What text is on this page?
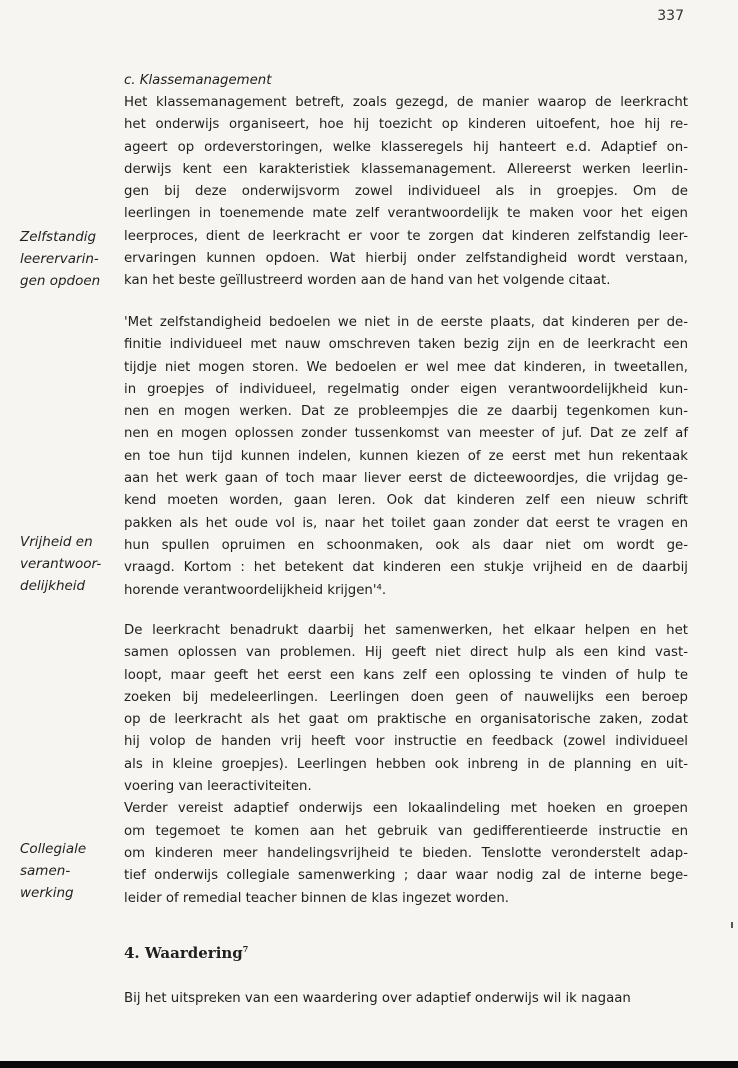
337

c. Klassemanagement

Het klassemanagement betreft, zoals gezegd, de manier waarop de leerkracht

het onderwijs organiseert, hoe hij toezicht op kinderen uitoefent, hoe hij re-

ageert op ordeverstoringen, welke klasseregels hij hanteert e.d. Adaptief on-

derwijs kent een karakteristiek klassemanagement. Allereerst werken leerlin-

gen bij deze onderwijsvorm zowel individueel als in groepjes. Om de

leerlingen in toenemende mate zelf verantwoordelijk te maken voor het eigen

leerproces, dient de leerkracht er voor te zorgen dat kinderen zelfstandig leer-

ervaringen kunnen opdoen. Wat hierbij onder zelfstandigheid wordt verstaan,

kan het beste geïllustreerd worden aan de hand van het volgende citaat.

Zelfstandig
leerervarin-
gen opdoen

'Met zelfstandigheid bedoelen we niet in de eerste plaats, dat kinderen per de-

finitie individueel met nauw omschreven taken bezig zijn en de leerkracht een

tijdje niet mogen storen. We bedoelen er wel mee dat kinderen, in tweetallen,

in groepjes of individueel, regelmatig onder eigen verantwoordelijkheid kun-

nen en mogen werken. Dat ze probleempjes die ze daarbij tegenkomen kun-

nen en mogen oplossen zonder tussenkomst van meester of juf. Dat ze zelf af

en toe hun tijd kunnen indelen, kunnen kiezen of ze eerst met hun rekentaak

aan het werk gaan of toch maar liever eerst de dicteewoordjes, die vrijdag ge-

kend moeten worden, gaan leren. Ook dat kinderen zelf een nieuw schrift

pakken als het oude vol is, naar het toilet gaan zonder dat eerst te vragen en

hun spullen opruimen en schoonmaken, ook als daar niet om wordt ge-

vraagd. Kortom : het betekent dat kinderen een stukje vrijheid en de daarbij

horende verantwoordelijkheid krijgen'⁴.

Vrijheid en
verantwoor-
delijkheid

De leerkracht benadrukt daarbij het samenwerken, het elkaar helpen en het

samen oplossen van problemen. Hij geeft niet direct hulp als een kind vast-

loopt, maar geeft het eerst een kans zelf een oplossing te vinden of hulp te

zoeken bij medeleerlingen. Leerlingen doen geen of nauwelijks een beroep

op de leerkracht als het gaat om praktische en organisatorische zaken, zodat

hij volop de handen vrij heeft voor instructie en feedback (zowel individueel

als in kleine groepjes). Leerlingen hebben ook inbreng in de planning en uit-

voering van leeractiviteiten.

Verder vereist adaptief onderwijs een lokaalindeling met hoeken en groepen

om tegemoet te komen aan het gebruik van gedifferentieerde instructie en

om kinderen meer handelingsvrijheid te bieden. Tenslotte veronderstelt adap-

tief onderwijs collegiale samenwerking ; daar waar nodig zal de interne bege-

leider of remedial teacher binnen de klas ingezet worden.

Collegiale
samen-
werking
4. Waardering$^7$

Bij het uitspreken van een waardering over adaptief onderwijs wil ik nagaan
